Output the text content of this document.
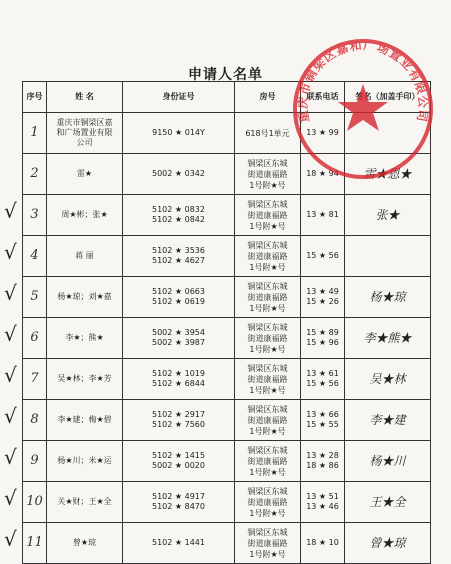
申请人名单
序号	姓 名	身份证号	房号	联系电话	签名（加盖手印）

1	重庆市铜梁区嘉
和广场置业有限
公司	9150 ★ 014Y	618号1单元	13 ★ 99	

2	雷★	5002 ★ 0342	铜梁区东城
街道康福路
1号附★号	18 ★ 94	雷★恩★

3	周★彬；张★	5102 ★ 0832
5102 ★ 0842	铜梁区东城
街道康福路
1号附★号	13 ★ 81	张★

4	蒋 丽	5102 ★ 3536
5102 ★ 4627	铜梁区东城
街道康福路
1号附★号	15 ★ 56	

5	杨★琼；刘★嘉	5102 ★ 0663
5102 ★ 0619	铜梁区东城
街道康福路
1号附★号	13 ★ 49
15 ★ 26	杨★琼

6	李★；熊★	5002 ★ 3954
5002 ★ 3987	铜梁区东城
街道康福路
1号附★号	15 ★ 89
15 ★ 96	李★熊★

7	吴★林；李★芳	5102 ★ 1019
5102 ★ 6844	铜梁区东城
街道康福路
1号附★号	13 ★ 61
15 ★ 56	吴★林

8	李★建；梅★碧	5102 ★ 2917
5102 ★ 7560	铜梁区东城
街道康福路
1号附★号	13 ★ 66
15 ★ 55	李★建

9	杨★川；米★运	5102 ★ 1415
5002 ★ 0020	铜梁区东城
街道康福路
1号附★号	13 ★ 28
18 ★ 86	杨★川

10	关★财；王★全	5102 ★ 4917
5102 ★ 8470	铜梁区东城
街道康福路
1号附★号	13 ★ 51
13 ★ 46	王★全

11	曾★琼	5102 ★ 1441	铜梁区东城
街道康福路
1号附★号	18 ★ 10	曾★琼
重庆市铜梁区嘉和广场置业有限公司
√
√
√
√
√
√
√
√
√
